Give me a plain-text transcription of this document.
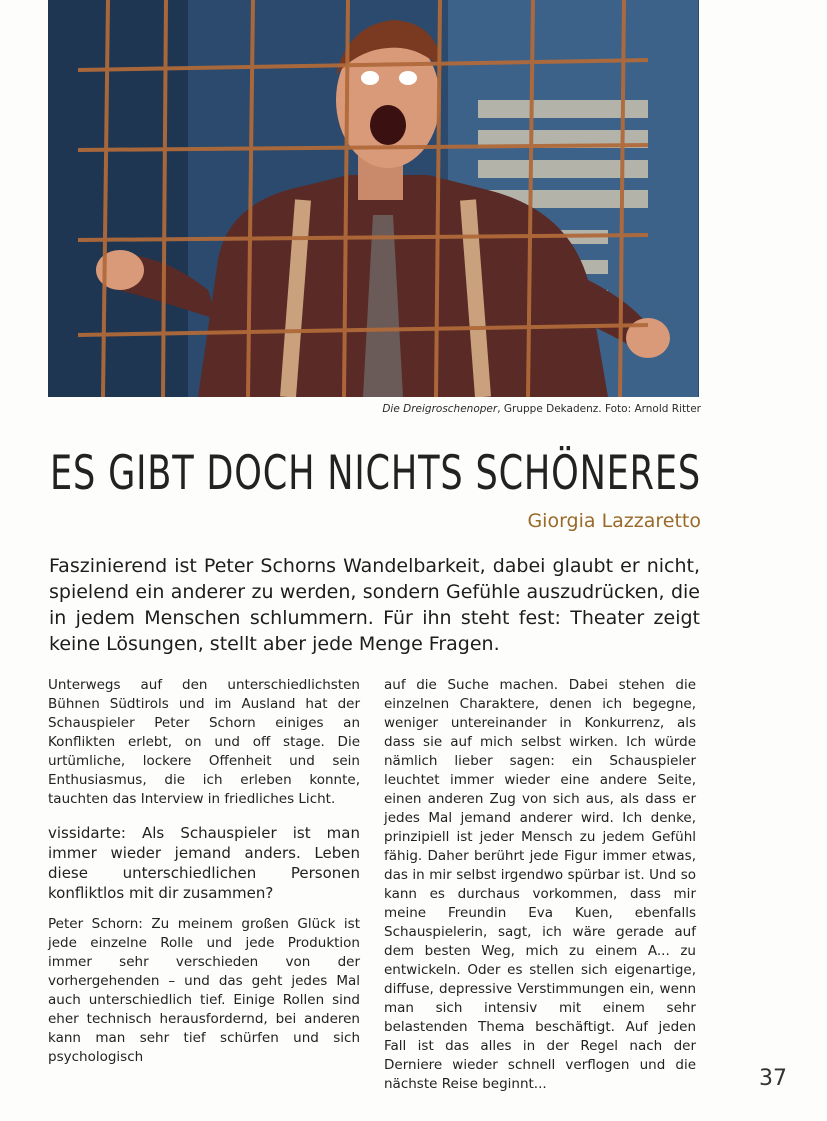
Die Dreigroschenoper, Gruppe Dekadenz. Foto: Arnold Ritter
ES GIBT DOCH NICHTS SCHÖNERES
Giorgia Lazzaretto
Faszinierend ist Peter Schorns Wandelbarkeit, dabei glaubt er nicht, spielend ein anderer zu werden, sondern Gefühle auszudrücken, die in jedem Menschen schlummern. Für ihn steht fest: Theater zeigt keine Lösungen, stellt aber jede Menge Fragen.

Unterwegs auf den unterschiedlichsten Bühnen Südtirols und im Ausland hat der Schauspieler Peter Schorn einiges an Konflikten erlebt, on und off stage. Die urtümliche, lockere Offenheit und sein Enthusiasmus, die ich erleben konnte, tauchten das Interview in friedliches Licht.

vissidarte: Als Schauspieler ist man immer wieder jemand anders. Leben diese unterschiedlichen Personen konfliktlos mit dir zusammen?

Peter Schorn: Zu meinem großen Glück ist jede einzelne Rolle und jede Produktion immer sehr verschieden von der vorhergehenden – und das geht jedes Mal auch unterschiedlich tief. Einige Rollen sind eher technisch herausfordernd, bei anderen kann man sehr tief schürfen und sich psychologisch

auf die Suche machen. Dabei stehen die einzelnen Charaktere, denen ich begegne, weniger untereinander in Konkurrenz, als dass sie auf mich selbst wirken. Ich würde nämlich lieber sagen: ein Schauspieler leuchtet immer wieder eine andere Seite, einen anderen Zug von sich aus, als dass er jedes Mal jemand anderer wird. Ich denke, prinzipiell ist jeder Mensch zu jedem Gefühl fähig. Daher berührt jede Figur immer etwas, das in mir selbst irgendwo spürbar ist. Und so kann es durchaus vorkommen, dass mir meine Freundin Eva Kuen, ebenfalls Schauspielerin, sagt, ich wäre gerade auf dem besten Weg, mich zu einem A... zu entwickeln. Oder es stellen sich eigenartige, diffuse, depressive Verstimmungen ein, wenn man sich intensiv mit einem sehr belastenden Thema beschäftigt. Auf jeden Fall ist das alles in der Regel nach der Derniere wieder schnell verflogen und die nächste Reise beginnt...	37
